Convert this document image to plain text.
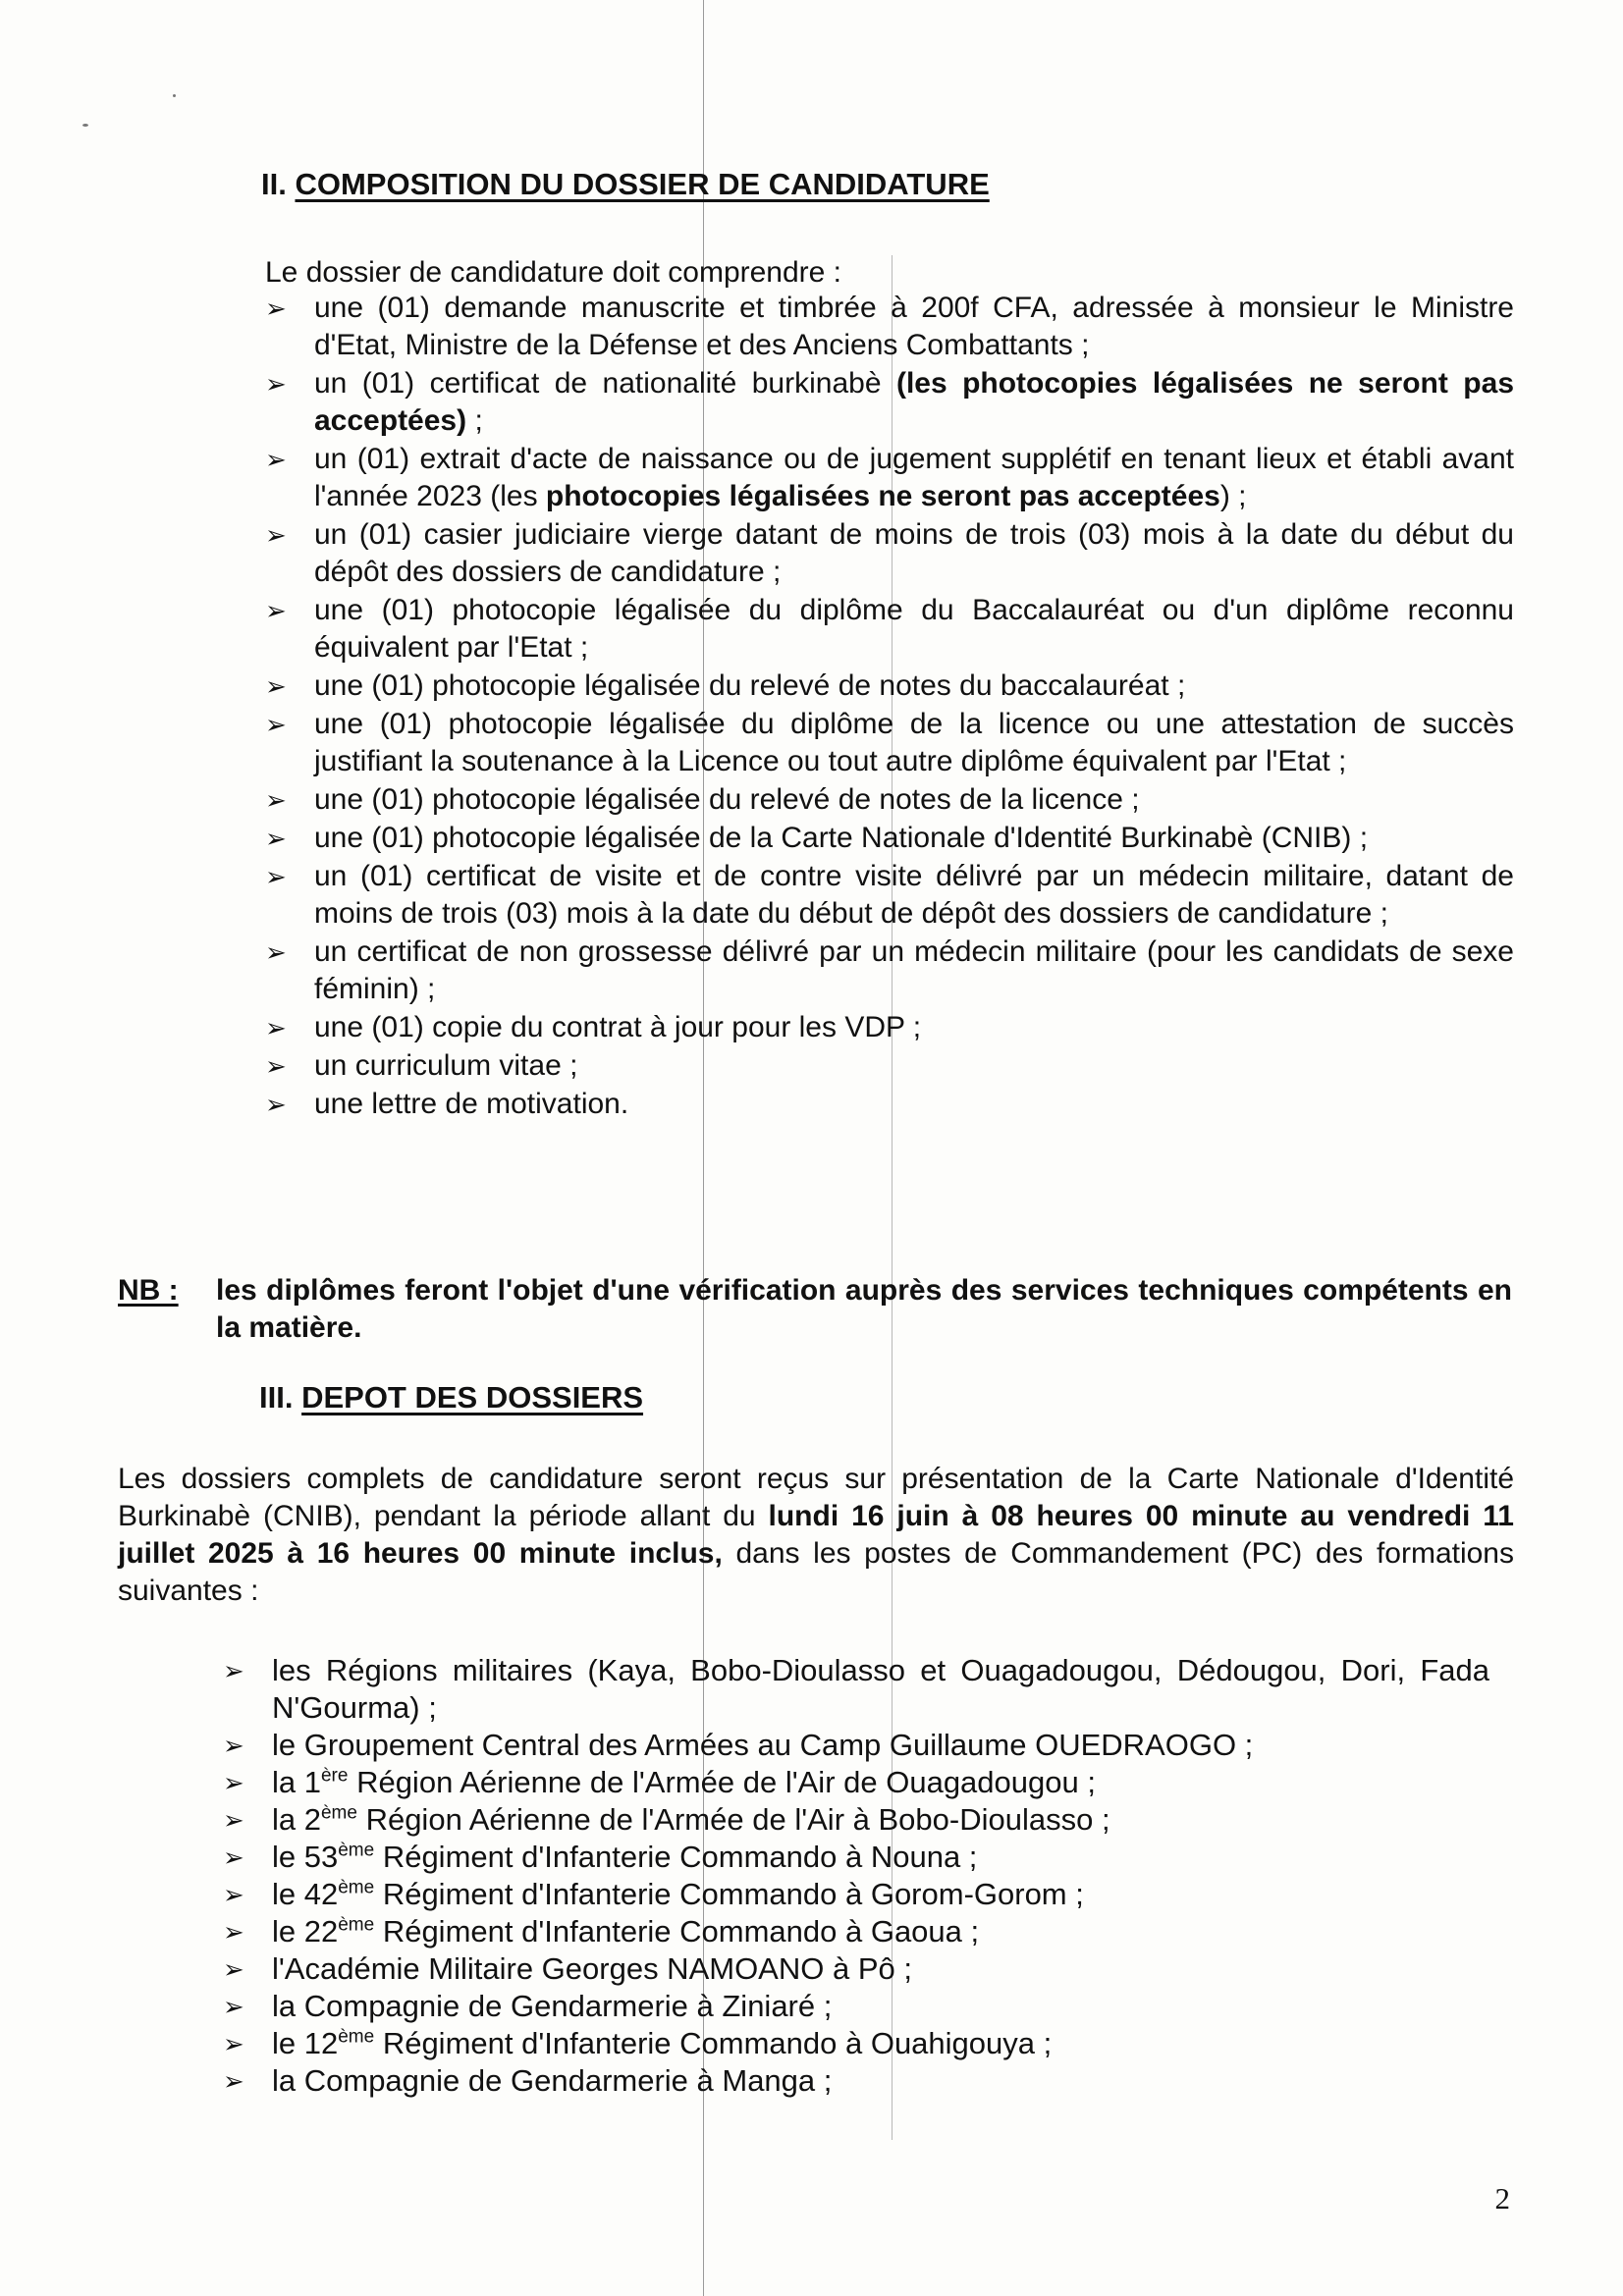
II. COMPOSITION DU DOSSIER DE CANDIDATURE

Le dossier de candidature doit comprendre :

➢ une (01) demande manuscrite et timbrée à 200f CFA, adressée à monsieur le Ministre d'Etat, Ministre de la Défense et des Anciens Combattants ;
➢ un (01) certificat de nationalité burkinabè (les photocopies légalisées ne seront pas acceptées) ;
➢ un (01) extrait d'acte de naissance ou de jugement supplétif en tenant lieux et établi avant l'année 2023 (les photocopies légalisées ne seront pas acceptées) ;
➢ un (01) casier judiciaire vierge datant de moins de trois (03) mois à la date du début du dépôt des dossiers de candidature ;
➢ une (01) photocopie légalisée du diplôme du Baccalauréat ou d'un diplôme reconnu équivalent par l'Etat ;
➢ une (01) photocopie légalisée du relevé de notes du baccalauréat ;
➢ une (01) photocopie légalisée du diplôme de la licence ou une attestation de succès justifiant la soutenance à la Licence ou tout autre diplôme équivalent par l'Etat ;
➢ une (01) photocopie légalisée du relevé de notes de la licence ;
➢ une (01) photocopie légalisée de la Carte Nationale d'Identité Burkinabè (CNIB) ;
➢ un (01) certificat de visite et de contre visite délivré par un médecin militaire, datant de moins de trois (03) mois à la date du début de dépôt des dossiers de candidature ;
➢ un certificat de non grossesse délivré par un médecin militaire (pour les candidats de sexe féminin) ;
➢ une (01) copie du contrat à jour pour les VDP ;
➢ un curriculum vitae ;
➢ une lettre de motivation.
NB : les diplômes feront l'objet d'une vérification auprès des services techniques compétents en la matière.
III. DEPOT DES DOSSIERS

Les dossiers complets de candidature seront reçus sur présentation de la Carte Nationale d'Identité Burkinabè (CNIB), pendant la période allant du lundi 16 juin à 08 heures 00 minute au vendredi 11 juillet 2025 à 16 heures 00 minute inclus, dans les postes de Commandement (PC) des formations suivantes :

➢ les Régions militaires (Kaya, Bobo-Dioulasso et Ouagadougou, Dédougou, Dori, Fada N'Gourma) ;
➢ le Groupement Central des Armées au Camp Guillaume OUEDRAOGO ;
➢ la 1ère Région Aérienne de l'Armée de l'Air de Ouagadougou ;
➢ la 2ème Région Aérienne de l'Armée de l'Air à Bobo-Dioulasso ;
➢ le 53ème Régiment d'Infanterie Commando à Nouna ;
➢ le 42ème Régiment d'Infanterie Commando à Gorom-Gorom ;
➢ le 22ème Régiment d'Infanterie Commando à Gaoua ;
➢ l'Académie Militaire Georges NAMOANO à Pô ;
➢ la Compagnie de Gendarmerie à Ziniaré ;
➢ le 12ème Régiment d'Infanterie Commando à Ouahigouya ;
➢ la Compagnie de Gendarmerie à Manga ;

2
